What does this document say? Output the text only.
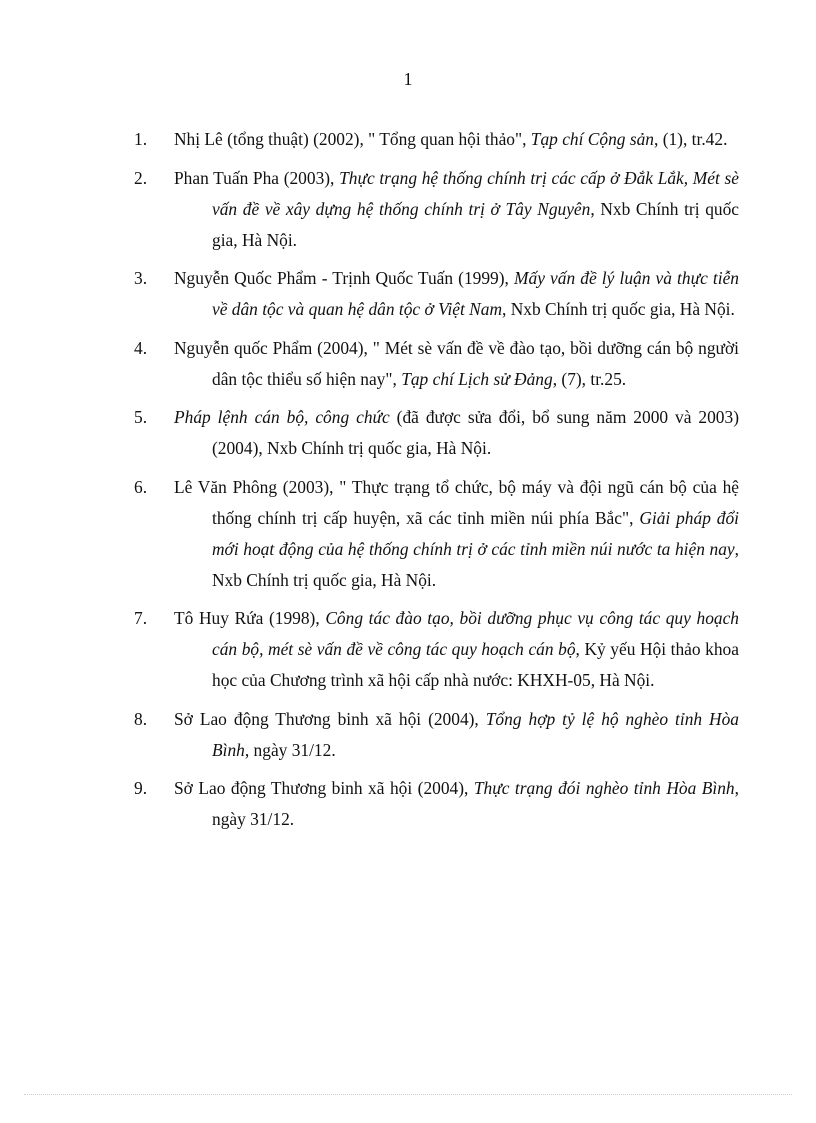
1
1.	Nhị Lê (tổng thuật) (2002), " Tổng quan hội thảo", Tạp chí Cộng sản, (1), tr.42.
2.	Phan Tuấn Pha (2003), Thực trạng hệ thống chính trị các cấp ở Đắk Lắk, Mét sè vấn đề về xây dựng hệ thống chính trị ở Tây Nguyên, Nxb Chính trị quốc gia, Hà Nội.
3.	Nguyễn Quốc Phẩm - Trịnh Quốc Tuấn (1999), Mấy vấn đề lý luận và thực tiễn về dân tộc và quan hệ dân tộc ở Việt Nam, Nxb Chính trị quốc gia, Hà Nội.
4.	Nguyễn quốc Phẩm (2004), " Mét sè vấn đề về đào tạo, bồi dưỡng cán bộ người dân tộc thiểu số hiện nay", Tạp chí Lịch sử Đảng, (7), tr.25.
5.	Pháp lệnh cán bộ, công chức (đã được sửa đổi, bổ sung năm 2000 và 2003) (2004), Nxb Chính trị quốc gia, Hà Nội.
6.	Lê Văn Phông (2003), " Thực trạng tổ chức, bộ máy và đội ngũ cán bộ của hệ thống chính trị cấp huyện, xã các tỉnh miền núi phía Bắc", Giải pháp đổi mới hoạt động của hệ thống chính trị ở các tỉnh miền núi nước ta hiện nay, Nxb Chính trị quốc gia, Hà Nội.
7.	Tô Huy Rứa (1998), Công tác đào tạo, bồi dưỡng phục vụ công tác quy hoạch cán bộ, mét sè vấn đề về công tác quy hoạch cán bộ, Kỷ yếu Hội thảo khoa học của Chương trình xã hội cấp nhà nước: KHXH-05, Hà Nội.
8.	Sở Lao động Thương binh xã hội (2004), Tổng hợp tỷ lệ hộ nghèo tỉnh Hòa Bình, ngày 31/12.
9.	Sở Lao động Thương binh xã hội (2004), Thực trạng đói nghèo tỉnh Hòa Bình, ngày 31/12.
